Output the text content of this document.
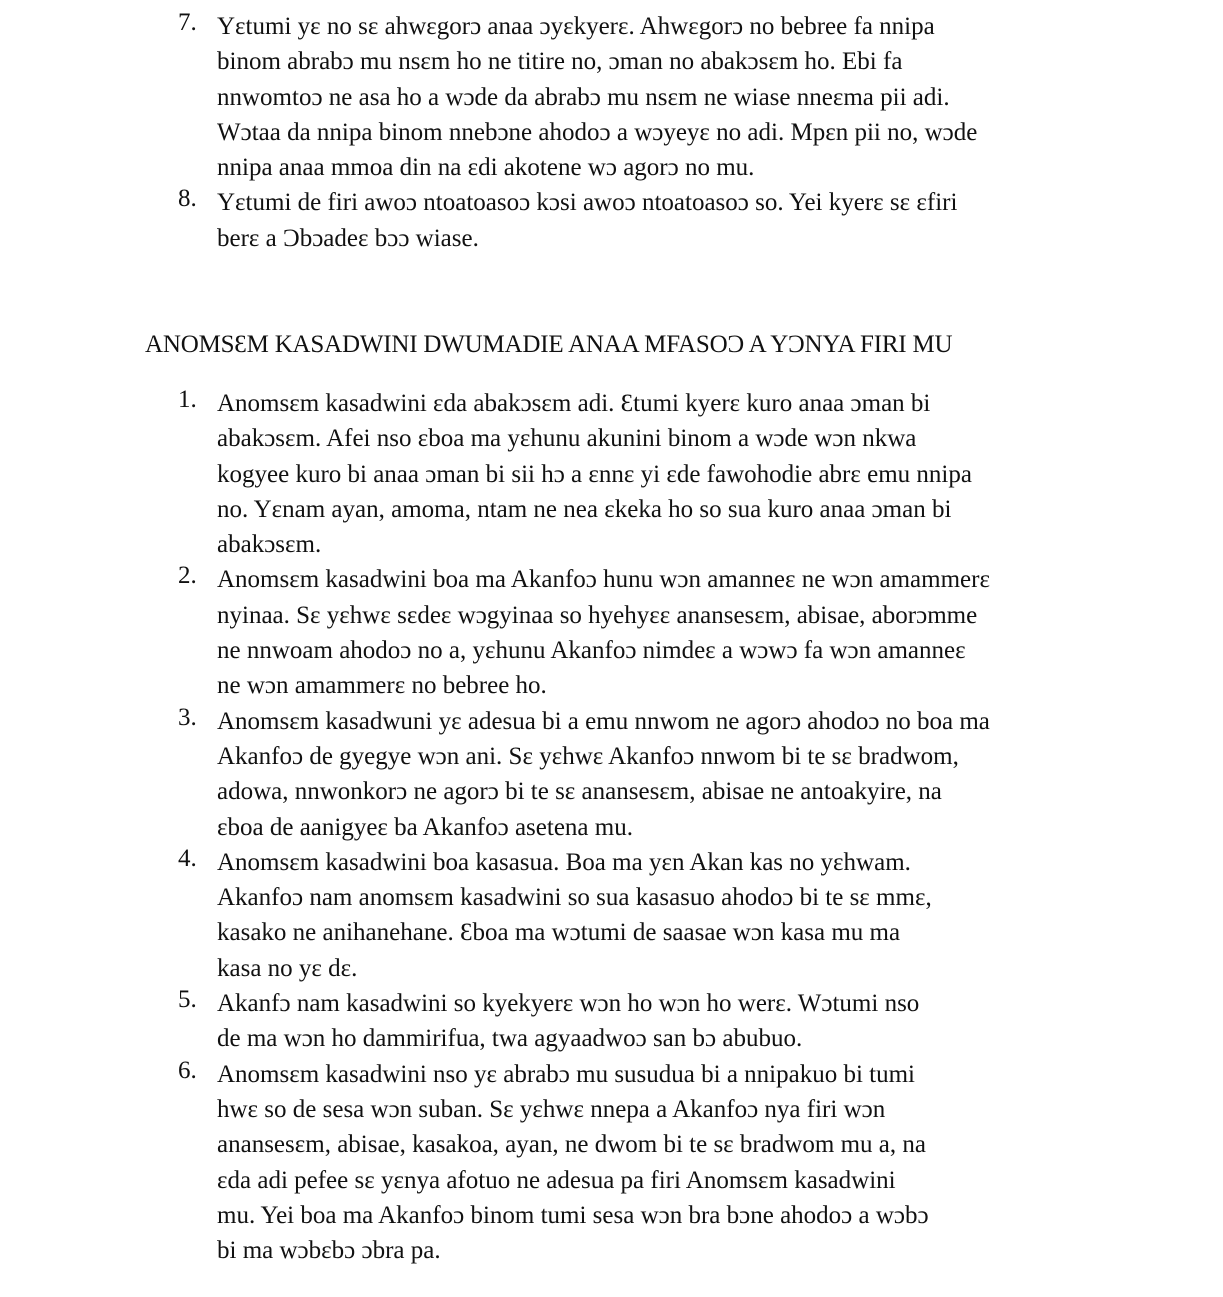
7. Yɛtumi yɛ no sɛ ahwɛgorɔ anaa ɔyɛkyerɛ. Ahwɛgorɔ no bebree fa nnipa
binom abrabɔ mu nsɛm ho ne titire no, ɔman no abakɔsɛm ho. Ebi fa
nnwomtoɔ ne asa ho a wɔde da abrabɔ mu nsɛm ne wiase nneɛma pii adi.
Wɔtaa da nnipa binom nnebɔne ahodoɔ a wɔyeyɛ no adi. Mpɛn pii no, wɔde
nnipa anaa mmoa din na ɛdi akotene wɔ agorɔ no mu.
8. Yɛtumi de firi awoɔ ntoatoasoɔ kɔsi awoɔ ntoatoasoɔ so. Yei kyerɛ sɛ ɛfiri
berɛ a Ɔbɔadeɛ bɔɔ wiase.
ANOMSƐM KASADWINI DWUMADIE ANAA MFASOƆ A YƆNYA FIRI MU
1. Anomsɛm kasadwini ɛda abakɔsɛm adi. Ɛtumi kyerɛ kuro anaa ɔman bi
abakɔsɛm. Afei nso ɛboa ma yɛhunu akunini binom a wɔde wɔn nkwa
kogyee kuro bi anaa ɔman bi sii hɔ a ɛnnɛ yi ɛde fawohodie abrɛ emu nnipa
no. Yɛnam ayan, amoma, ntam ne nea ɛkeka ho so sua kuro anaa ɔman bi
abakɔsɛm.
2. Anomsɛm kasadwini boa ma Akanfoɔ hunu wɔn amanneɛ ne wɔn amammerɛ
nyinaa. Sɛ yɛhwɛ sɛdeɛ wɔgyinaa so hyehyɛɛ anansesɛm, abisae, aborɔmme
ne nnwoam ahodoɔ no a, yɛhunu Akanfoɔ nimdeɛ a wɔwɔ fa wɔn amanneɛ
ne wɔn amammerɛ no bebree ho.
3. Anomsɛm kasadwuni yɛ adesua bi a emu nnwom ne agorɔ ahodoɔ no boa ma
Akanfoɔ de gyegye wɔn ani. Sɛ yɛhwɛ Akanfoɔ nnwom bi te sɛ bradwom,
adowa, nnwonkorɔ ne agorɔ bi te sɛ anansesɛm, abisae ne antoakyire, na
ɛboa de aanigyeɛ ba Akanfoɔ asetena mu.
4. Anomsɛm kasadwini boa kasasua. Boa ma yɛn Akan kas no yɛhwam.
Akanfoɔ nam anomsɛm kasadwini so sua kasasuo ahodoɔ bi te sɛ mmɛ,
kasako ne anihanehane. Ɛboa ma wɔtumi de saasae wɔn kasa mu ma
kasa no yɛ dɛ.
5. Akanfɔ nam kasadwini so kyekyerɛ wɔn ho wɔn ho werɛ. Wɔtumi nso
de ma wɔn ho dammirifua, twa agyaadwoɔ san bɔ abubuo.
6. Anomsɛm kasadwini nso yɛ abrabɔ mu susudua bi a nnipakuo bi tumi
hwɛ so de sesa wɔn suban. Sɛ yɛhwɛ nnepa a Akanfoɔ nya firi wɔn
anansesɛm, abisae, kasakoa, ayan, ne dwom bi te sɛ bradwom mu a, na
ɛda adi pefee sɛ yɛnya afotuo ne adesua pa firi Anomsɛm kasadwini
mu. Yei boa ma Akanfoɔ binom tumi sesa wɔn bra bɔne ahodoɔ a wɔbɔ
bi ma wɔbɛbɔ ɔbra pa.
